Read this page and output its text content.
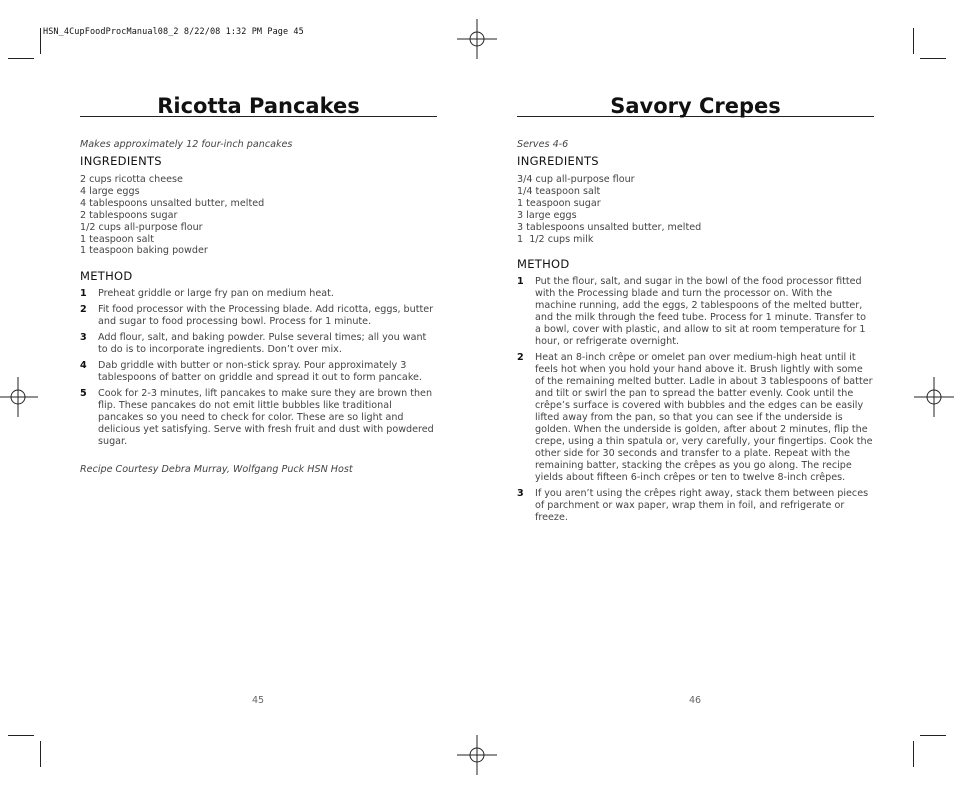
HSN_4CupFoodProcManual08_2 8/22/08 1:32 PM Page 45
Ricotta Pancakes
Makes approximately 12 four-inch pancakes
INGREDIENTS
2 cups ricotta cheese
4 large eggs
4 tablespoons unsalted butter, melted
2 tablespoons sugar
1/2 cups all-purpose flour
1 teaspoon salt
1 teaspoon baking powder
METHOD
1	Preheat griddle or large fry pan on medium heat.
2	Fit food processor with the Processing blade. Add ricotta, eggs, butter and sugar to food processing bowl. Process for 1 minute.
3	Add flour, salt, and baking powder. Pulse several times; all you want to do is to incorporate ingredients. Don’t over mix.
4	Dab griddle with butter or non-stick spray. Pour approximately 3 tablespoons of batter on griddle and spread it out to form pancake.
5	Cook for 2-3 minutes, lift pancakes to make sure they are brown then flip. These pancakes do not emit little bubbles like traditional pancakes so you need to check for color. These are so light and delicious yet satisfying. Serve with fresh fruit and dust with powdered sugar.
Recipe Courtesy Debra Murray, Wolfgang Puck HSN Host
45
Savory Crepes
Serves 4-6
INGREDIENTS
3/4 cup all-purpose flour
1/4 teaspoon salt
1 teaspoon sugar
3 large eggs
3 tablespoons unsalted butter, melted
1  1/2 cups milk
METHOD
1	Put the flour, salt, and sugar in the bowl of the food processor fitted with the Processing blade and turn the processor on. With the machine running, add the eggs, 2 tablespoons of the melted butter, and the milk through the feed tube. Process for 1 minute. Transfer to a bowl, cover with plastic, and allow to sit at room temperature for 1 hour, or refrigerate overnight.
2	Heat an 8-inch crêpe or omelet pan over medium-high heat until it feels hot when you hold your hand above it. Brush lightly with some of the remaining melted butter. Ladle in about 3 tablespoons of batter and tilt or swirl the pan to spread the batter evenly. Cook until the crêpe’s surface is covered with bubbles and the edges can be easily lifted away from the pan, so that you can see if the underside is golden. When the underside is golden, after about 2 minutes, flip the crepe, using a thin spatula or, very carefully, your fingertips. Cook the other side for 30 seconds and transfer to a plate. Repeat with the remaining batter, stacking the crêpes as you go along. The recipe yields about fifteen 6-inch crêpes or ten to twelve 8-inch crêpes.
3	If you aren’t using the crêpes right away, stack them between pieces of parchment or wax paper, wrap them in foil, and refrigerate or freeze.
46
